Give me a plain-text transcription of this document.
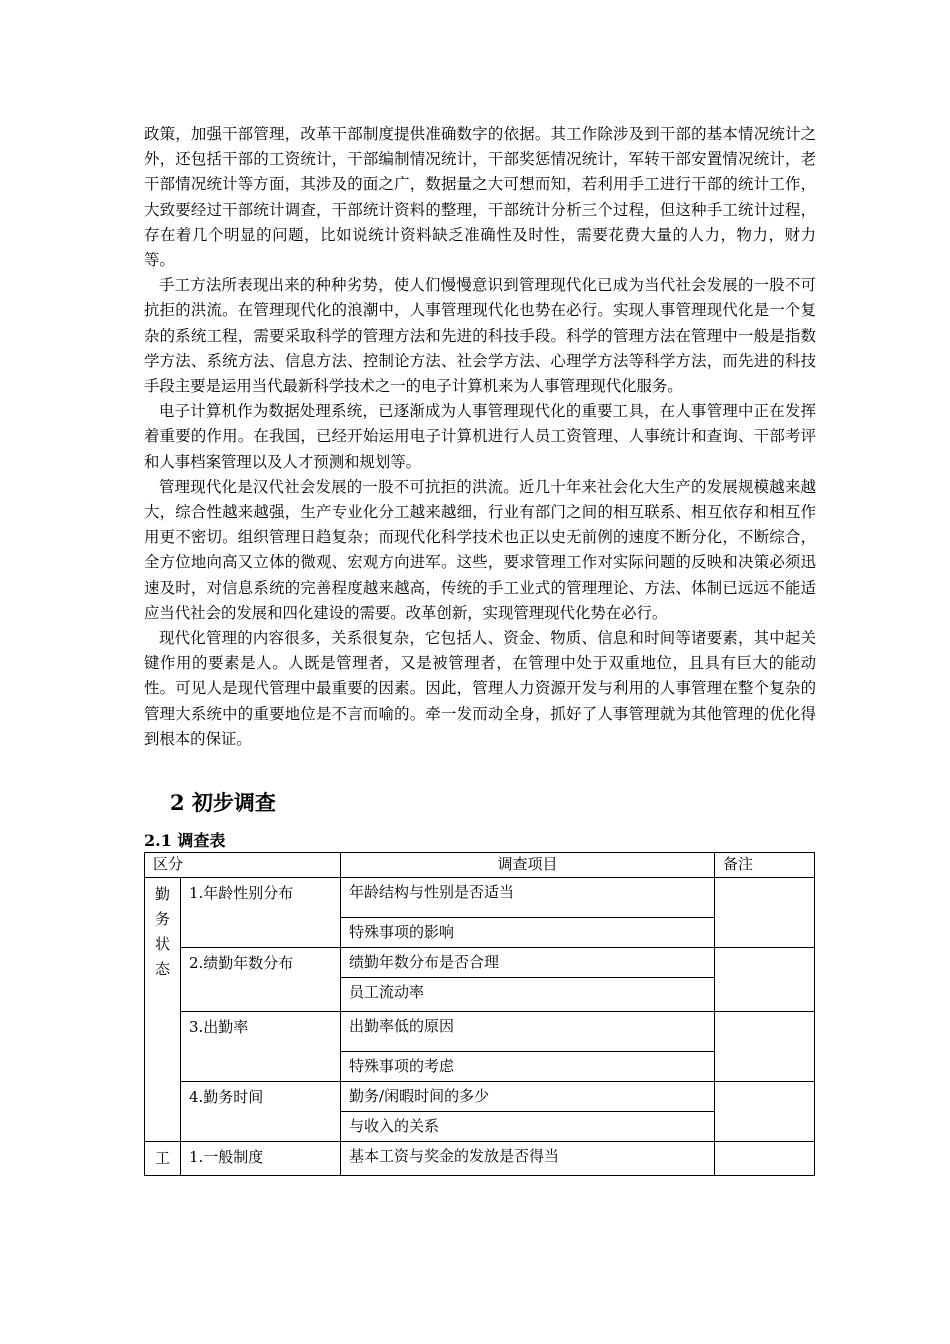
政策，加强干部管理，改革干部制度提供准确数字的依据。其工作除涉及到干部的基本情况统计之外，还包括干部的工资统计，干部编制情况统计，干部奖惩情况统计，军转干部安置情况统计，老干部情况统计等方面，其涉及的面之广，数据量之大可想而知，若利用手工进行干部的统计工作，大致要经过干部统计调查，干部统计资料的整理，干部统计分析三个过程，但这种手工统计过程，存在着几个明显的问题，比如说统计资料缺乏准确性及时性，需要花费大量的人力，物力，财力等。

手工方法所表现出来的种种劣势，使人们慢慢意识到管理现代化已成为当代社会发展的一股不可抗拒的洪流。在管理现代化的浪潮中，人事管理现代化也势在必行。实现人事管理现代化是一个复杂的系统工程，需要采取科学的管理方法和先进的科技手段。科学的管理方法在管理中一般是指数学方法、系统方法、信息方法、控制论方法、社会学方法、心理学方法等科学方法，而先进的科技手段主要是运用当代最新科学技术之一的电子计算机来为人事管理现代化服务。

电子计算机作为数据处理系统，已逐渐成为人事管理现代化的重要工具，在人事管理中正在发挥着重要的作用。在我国，已经开始运用电子计算机进行人员工资管理、人事统计和查询、干部考评和人事档案管理以及人才预测和规划等。

管理现代化是汉代社会发展的一股不可抗拒的洪流。近几十年来社会化大生产的发展规模越来越大，综合性越来越强，生产专业化分工越来越细，行业有部门之间的相互联系、相互依存和相互作用更不密切。组织管理日趋复杂；而现代化科学技术也正以史无前例的速度不断分化，不断综合，全方位地向高又立体的微观、宏观方向进军。这些，要求管理工作对实际问题的反映和决策必须迅速及时，对信息系统的完善程度越来越高，传统的手工业式的管理理论、方法、体制已远远不能适应当代社会的发展和四化建设的需要。改革创新，实现管理现代化势在必行。

现代化管理的内容很多，关系很复杂，它包括人、资金、物质、信息和时间等诸要素，其中起关键作用的要素是人。人既是管理者，又是被管理者，在管理中处于双重地位，且具有巨大的能动性。可见人是现代管理中最重要的因素。因此，管理人力资源开发与利用的人事管理在整个复杂的管理大系统中的重要地位是不言而喻的。牵一发而动全身，抓好了人事管理就为其他管理的优化得到根本的保证。

2 初步调查
2.1 调查表
区分		调查项目	备注
勤务状态	1.年龄性别分布	年龄结构与性别是否适当	
		特殊事项的影响	
	2.绩勤年数分布	绩勤年数分布是否合理	
		员工流动率	
	3.出勤率	出勤率低的原因	
		特殊事项的考虑	
	4.勤务时间	勤务/闲暇时间的多少	
		与收入的关系	
工	1.一般制度	基本工资与奖金的发放是否得当	
